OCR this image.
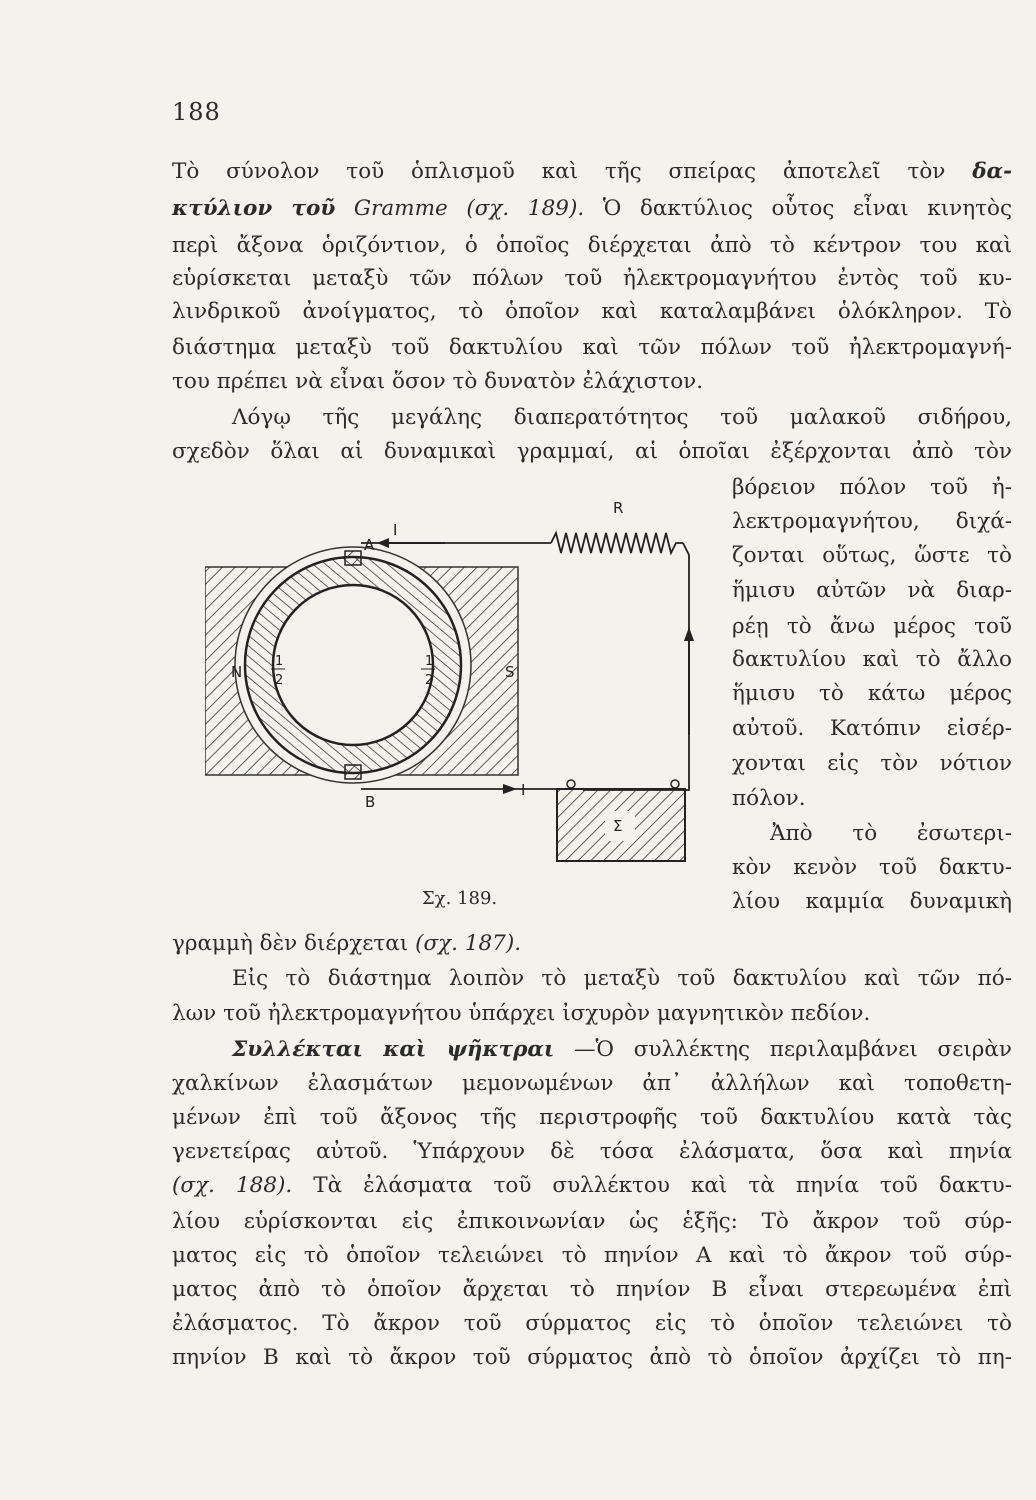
188
Τὸ σύνολον τοῦ ὁπλισμοῦ καὶ τῆς σπείρας ἀποτελεῖ τὸν δα-
κτύλιον τοῦ Gramme (σχ. 189). Ὁ δακτύλιος οὗτος εἶναι κινητὸς
περὶ ἄξονα ὁριζόντιον, ὁ ὁποῖος διέρχεται ἀπὸ τὸ κέντρον του καὶ
εὑρίσκεται μεταξὺ τῶν πόλων τοῦ ἠλεκτρομαγνήτου ἐντὸς τοῦ κυ-
λινδρικοῦ ἀνοίγματος, τὸ ὁποῖον καὶ καταλαμβάνει ὁλόκληρον. Τὸ
διάστημα μεταξὺ τοῦ δακτυλίου καὶ τῶν πόλων τοῦ ἠλεκτρομαγνή-
του πρέπει νὰ εἶναι ὅσον τὸ δυνατὸν ἐλάχιστον.
Λόγῳ τῆς μεγάλης διαπερατότητος τοῦ μαλακοῦ σιδήρου,
σχεδὸν ὅλαι αἱ δυναμικαὶ γραμμαί, αἱ ὁποῖαι ἐξέρχονται ἀπὸ τὸν
βόρειον πόλον τοῦ ἠ-
λεκτρομαγνήτου, διχά-
ζονται οὕτως, ὥστε τὸ
ἥμισυ αὐτῶν νὰ διαρ-
ρέῃ τὸ ἄνω μέρος τοῦ
δακτυλίου καὶ τὸ ἄλλο
ἥμισυ τὸ κάτω μέρος
αὐτοῦ. Κατόπιν εἰσέρ-
χονται εἰς τὸν νότιον
πόλον.
Ἀπὸ τὸ ἐσωτερι-
κὸν κενὸν τοῦ δακτυ-
λίου καμμία δυναμικὴ
A
I
R
N	S
1
2
1
2
B
I
Σ
Σχ. 189.
γραμμὴ δὲν διέρχεται (σχ. 187).
Εἰς τὸ διάστημα λοιπὸν τὸ μεταξὺ τοῦ δακτυλίου καὶ τῶν πό-
λων τοῦ ἠλεκτρομαγνήτου ὑπάρχει ἰσχυρὸν μαγνητικὸν πεδίον.
Συλλέκται καὶ ψῆκτραι —Ὁ συλλέκτης περιλαμβάνει σειρὰν
χαλκίνων ἐλασμάτων μεμονωμένων ἀπ᾽ ἀλλήλων καὶ τοποθετη-
μένων ἐπὶ τοῦ ἄξονος τῆς περιστροφῆς τοῦ δακτυλίου κατὰ τὰς
γενετείρας αὐτοῦ. Ὑπάρχουν δὲ τόσα ἐλάσματα, ὅσα καὶ πηνία
(σχ. 188). Τὰ ἐλάσματα τοῦ συλλέκτου καὶ τὰ πηνία τοῦ δακτυ-
λίου εὑρίσκονται εἰς ἐπικοινωνίαν ὡς ἑξῆς: Τὸ ἄκρον τοῦ σύρ-
ματος εἰς τὸ ὁποῖον τελειώνει τὸ πηνίον Α καὶ τὸ ἄκρον τοῦ σύρ-
ματος ἀπὸ τὸ ὁποῖον ἄρχεται τὸ πηνίον Β εἶναι στερεωμένα ἐπὶ
ἐλάσματος. Τὸ ἄκρον τοῦ σύρματος εἰς τὸ ὁποῖον τελειώνει τὸ
πηνίον Β καὶ τὸ ἄκρον τοῦ σύρματος ἀπὸ τὸ ὁποῖον ἀρχίζει τὸ πη-
